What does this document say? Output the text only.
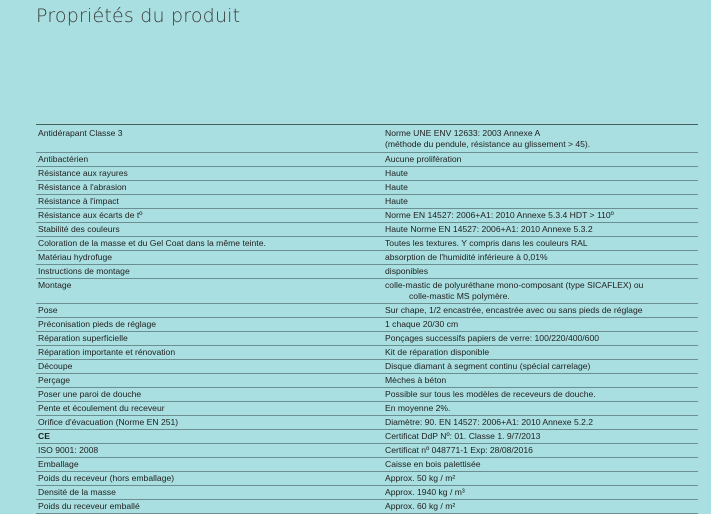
Propriétés du produit
Antidérapant Classe 3	Norme UNE ENV 12633: 2003 Annexe A
(méthode du pendule, résistance au glissement > 45).

Antibactérien	Aucune prolifération
Résistance aux rayures	Haute
Résistance à l'abrasion	Haute
Résistance à l'impact	Haute
Résistance aux écarts de tº	Norme EN 14527: 2006+A1: 2010 Annexe 5.3.4 HDT > 110º
Stabilité des couleurs	Haute Norme EN 14527: 2006+A1: 2010 Annexe 5.3.2
Coloration de la masse et du Gel Coat dans la même teinte.	Toutes les textures. Y compris dans les couleurs RAL
Matériau hydrofuge	absorption de l'humidité inférieure à 0,01%
Instructions de montage	disponibles
Montage	colle-mastic de polyuréthane mono-composant (type SICAFLEX) ou
colle-mastic MS polymère.

Pose	Sur chape, 1/2 encastrée, encastrée avec ou sans pieds de réglage
Préconisation pieds de réglage	1 chaque 20/30 cm
Réparation superficielle	Ponçages successifs papiers de verre: 100/220/400/600
Réparation importante et rénovation	Kit de réparation disponible
Découpe	Disque diamant à segment continu (spécial carrelage)
Perçage	Mèches à béton
Poser une paroi de douche	Possible sur tous les modèles de receveurs de douche.
Pente et écoulement du receveur	En moyenne 2%.
Orifice d'évacuation (Norme EN 251)	Diamètre: 90. EN 14527: 2006+A1: 2010 Annexe 5.2.2
CE	Certificat DdP Nº: 01. Classe 1. 9/7/2013
ISO 9001: 2008	Certificat nº 048771-1 Exp: 28/08/2016
Emballage	Caisse en bois palettisée
Poids du receveur (hors emballage)	Approx. 50 kg / m²
Densité de la masse	Approx. 1940 kg / m³
Poids du receveur emballé	Approx. 60 kg / m²
